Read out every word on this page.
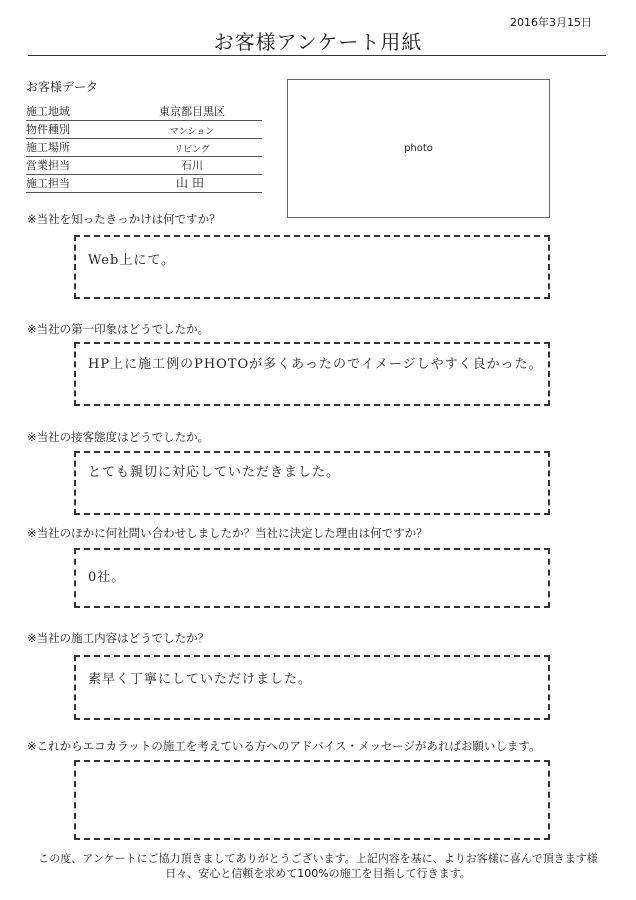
2016年3月15日
お客様アンケート用紙
お客様データ
施工地域	東京都目黒区
物件種別	マンション
施工場所	リビング
営業担当	石川
施工担当	山田
photo
※当社を知ったきっかけは何ですか？
Web上にて。
※当社の第一印象はどうでしたか。
HP上に施工例のPHOTOが多くあったのでイメージしやすく良かった。
※当社の接客態度はどうでしたか。
とても親切に対応していただきました。
※当社のほかに何社問い合わせしましたか？当社に決定した理由は何ですか？
0社。
※当社の施工内容はどうでしたか？
素早く丁寧にしていただけました。
※これからエコカラットの施工を考えている方へのアドバイス・メッセージがあればお願いします。
この度、アンケートにご協力頂きましてありがとうございます。上記内容を基に、よりお客様に喜んで頂きます様
日々、安心と信頼を求めて100%の施工を目指して行きます。
